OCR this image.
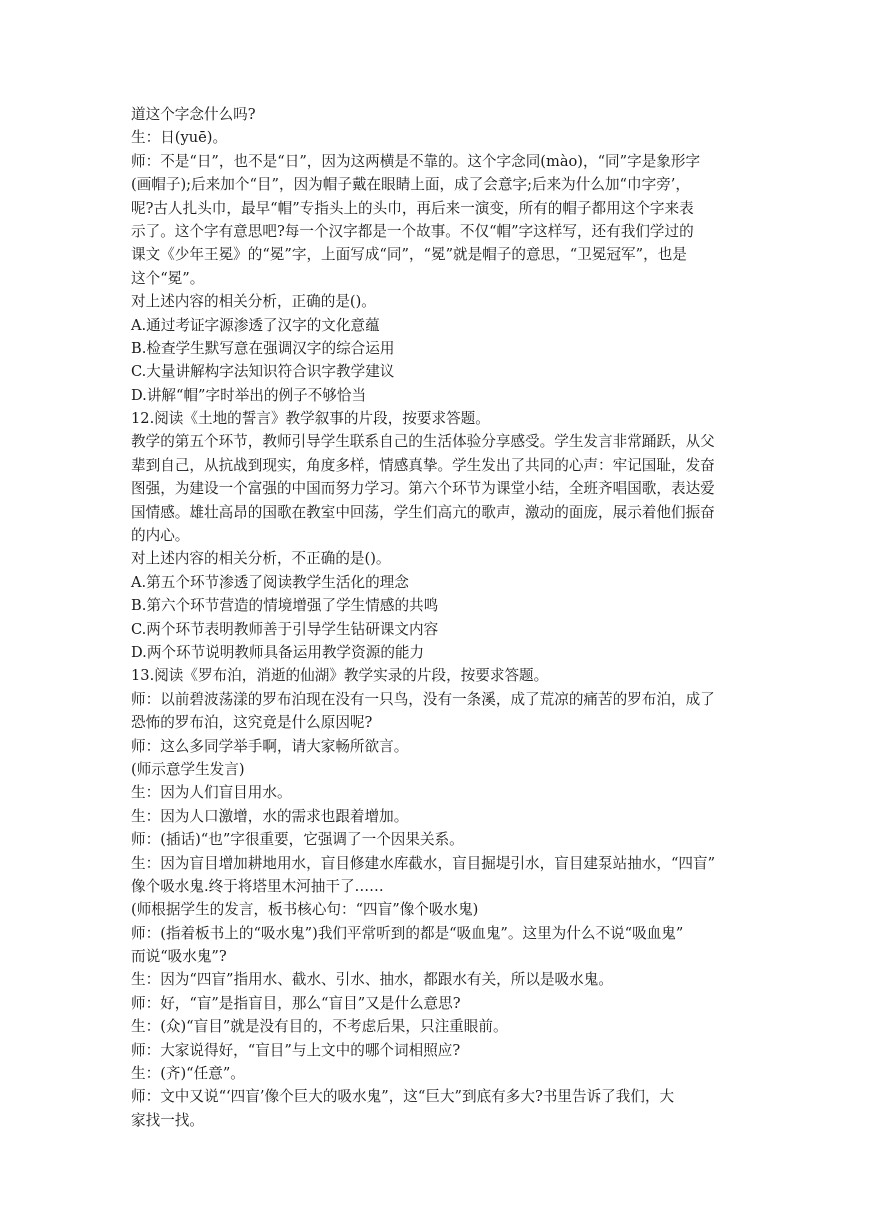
道这个字念什么吗?
生：日(yuē)。
师：不是“日”，也不是“日”，因为这两横是不靠的。这个字念同(mào)，“同”字是象形字
(画帽子);后来加个“目”，因为帽子戴在眼睛上面，成了会意字;后来为什么加“巾字旁’，
呢?古人扎头巾，最早“帽”专指头上的头巾，再后来一演变，所有的帽子都用这个字来表
示了。这个字有意思吧?每一个汉字都是一个故事。不仅“帽”字这样写，还有我们学过的
课文《少年王冕》的“冕”字，上面写成“同”，“冕”就是帽子的意思，“卫冕冠军”，也是
这个“冕”。
对上述内容的相关分析，正确的是()。
A.通过考证字源渗透了汉字的文化意蕴
B.检查学生默写意在强调汉字的综合运用
C.大量讲解构字法知识符合识字教学建议
D.讲解“帽”字时举出的例子不够恰当
12.阅读《土地的誓言》教学叙事的片段，按要求答题。
教学的第五个环节，教师引导学生联系自己的生活体验分享感受。学生发言非常踊跃，从父
辈到自己，从抗战到现实，角度多样，情感真挚。学生发出了共同的心声：牢记国耻，发奋
图强，为建设一个富强的中国而努力学习。第六个环节为课堂小结，全班齐唱国歌，表达爱
国情感。雄壮高昂的国歌在教室中回荡，学生们高亢的歌声，激动的面庞，展示着他们振奋
的内心。
对上述内容的相关分析，不正确的是()。
A.第五个环节渗透了阅读教学生活化的理念
B.第六个环节营造的情境增强了学生情感的共鸣
C.两个环节表明教师善于引导学生钻研课文内容
D.两个环节说明教师具备运用教学资源的能力
13.阅读《罗布泊，消逝的仙湖》教学实录的片段，按要求答题。
师：以前碧波荡漾的罗布泊现在没有一只鸟，没有一条溪，成了荒凉的痛苦的罗布泊，成了
恐怖的罗布泊，这究竟是什么原因呢?
师：这么多同学举手啊，请大家畅所欲言。
(师示意学生发言)
生：因为人们盲目用水。
生：因为人口激增，水的需求也跟着增加。
师：(插话)“也”字很重要，它强调了一个因果关系。
生：因为盲目增加耕地用水，盲目修建水库截水，盲目掘堤引水，盲目建泵站抽水，“四盲”
像个吸水鬼.终于将塔里木河抽干了……
(师根据学生的发言，板书核心句：“四盲”像个吸水鬼)
师：(指着板书上的“吸水鬼”)我们平常听到的都是“吸血鬼”。这里为什么不说“吸血鬼”
而说“吸水鬼”?
生：因为“四盲”指用水、截水、引水、抽水，都跟水有关，所以是吸水鬼。
师：好，“盲”是指盲目，那么“盲目”又是什么意思?
生：(众)“盲目”就是没有目的，不考虑后果，只注重眼前。
师：大家说得好，“盲目”与上文中的哪个词相照应?
生：(齐)“任意”。
师：文中又说“‘四盲’像个巨大的吸水鬼”，这“巨大”到底有多大?书里告诉了我们，大
家找一找。
